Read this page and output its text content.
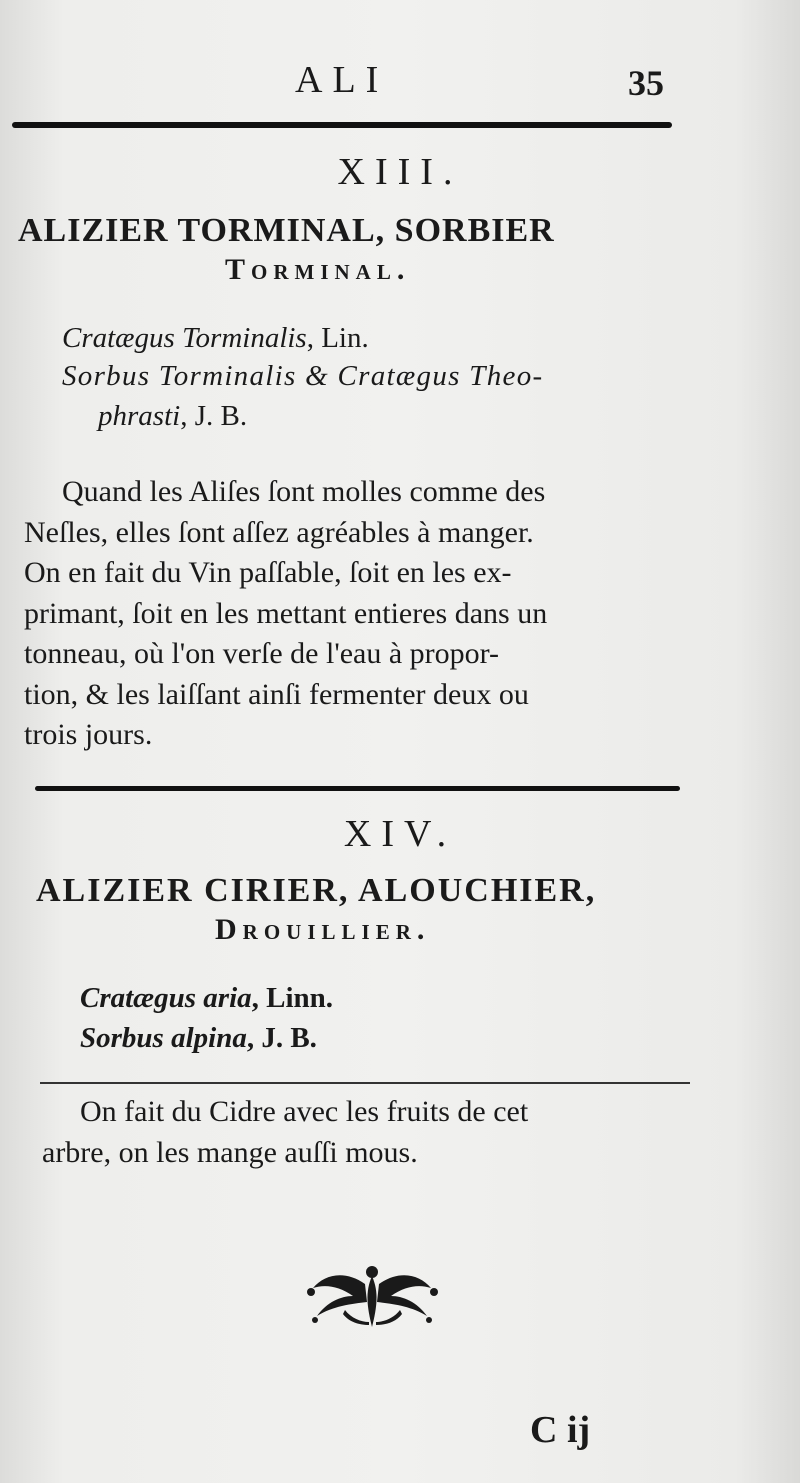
ALI	35
XIII.
ALIZIER TORMINAL, SORBIER
Torminal.
Cratægus Torminalis, Lin.
Sorbus Torminalis & Cratægus Theo-
phrasti, J. B.
Quand les Aliſes ſont molles comme des
Neſles, elles ſont aſſez agréables à manger.
On en fait du Vin paſſable, ſoit en les ex-
primant, ſoit en les mettant entieres dans un
tonneau, où l'on verſe de l'eau à propor-
tion, & les laiſſant ainſi fermenter deux ou
trois jours.
XIV.
ALIZIER CIRIER, ALOUCHIER,
Drouillier.
Cratægus aria, Linn.
Sorbus alpina, J. B.
On fait du Cidre avec les fruits de cet
arbre, on les mange auſſi mous.
C ij
